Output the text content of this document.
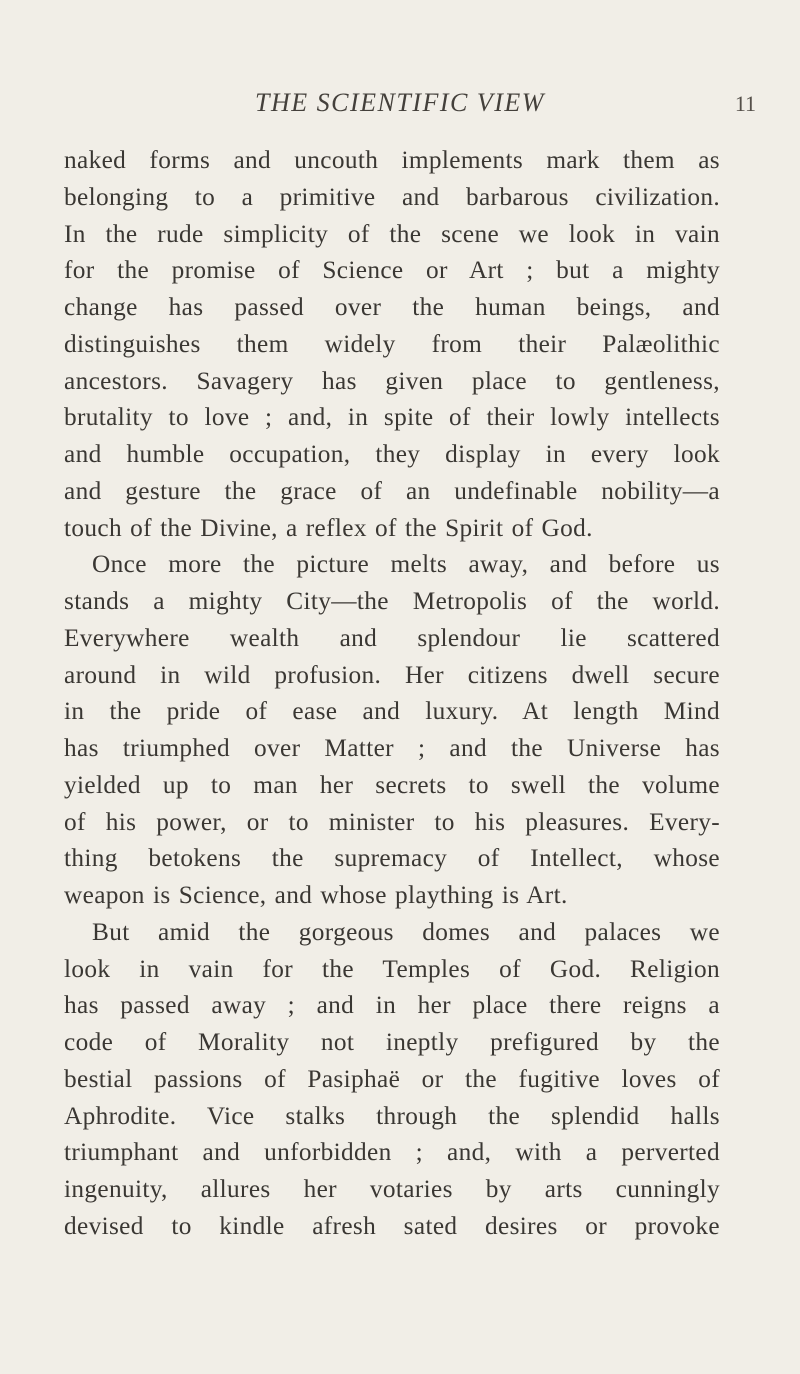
THE SCIENTIFIC VIEW	11
naked forms and uncouth implements mark them as
belonging to a primitive and barbarous civilization.
In the rude simplicity of the scene we look in vain
for the promise of Science or Art ; but a mighty
change has passed over the human beings, and
distinguishes them widely from their Palæolithic
ancestors. Savagery has given place to gentleness,
brutality to love ; and, in spite of their lowly intellects
and humble occupation, they display in every look
and gesture the grace of an undefinable nobility—a
touch of the Divine, a reflex of the Spirit of God.
Once more the picture melts away, and before us
stands a mighty City—the Metropolis of the world.
Everywhere wealth and splendour lie scattered
around in wild profusion. Her citizens dwell secure
in the pride of ease and luxury. At length Mind
has triumphed over Matter ; and the Universe has
yielded up to man her secrets to swell the volume
of his power, or to minister to his pleasures. Every-
thing betokens the supremacy of Intellect, whose
weapon is Science, and whose plaything is Art.
But amid the gorgeous domes and palaces we
look in vain for the Temples of God. Religion
has passed away ; and in her place there reigns a
code of Morality not ineptly prefigured by the
bestial passions of Pasiphaë or the fugitive loves of
Aphrodite. Vice stalks through the splendid halls
triumphant and unforbidden ; and, with a perverted
ingenuity, allures her votaries by arts cunningly
devised to kindle afresh sated desires or provoke
